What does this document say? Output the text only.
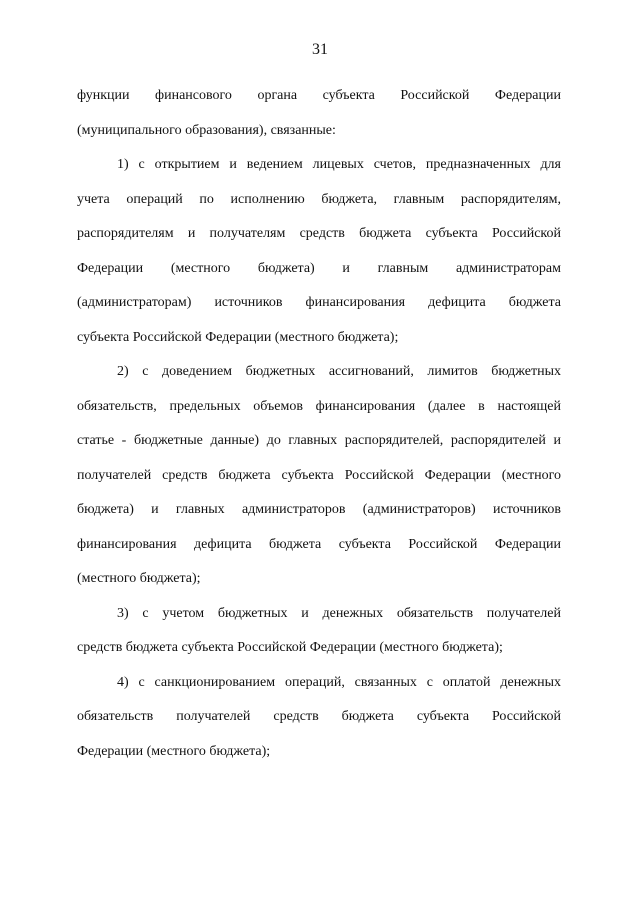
31
функции финансового органа субъекта Российской Федерации
(муниципального образования), связанные:
1) с открытием и ведением лицевых счетов, предназначенных для
учета операций по исполнению бюджета, главным распорядителям,
распорядителям и получателям средств бюджета субъекта Российской
Федерации (местного бюджета) и главным администраторам
(администраторам) источников финансирования дефицита бюджета
субъекта Российской Федерации (местного бюджета);
2) с доведением бюджетных ассигнований, лимитов бюджетных
обязательств, предельных объемов финансирования (далее в настоящей
статье - бюджетные данные) до главных распорядителей, распорядителей и
получателей средств бюджета субъекта Российской Федерации (местного
бюджета) и главных администраторов (администраторов) источников
финансирования дефицита бюджета субъекта Российской Федерации
(местного бюджета);
3) с учетом бюджетных и денежных обязательств получателей
средств бюджета субъекта Российской Федерации (местного бюджета);
4) с санкционированием операций, связанных с оплатой денежных
обязательств получателей средств бюджета субъекта Российской
Федерации (местного бюджета);
